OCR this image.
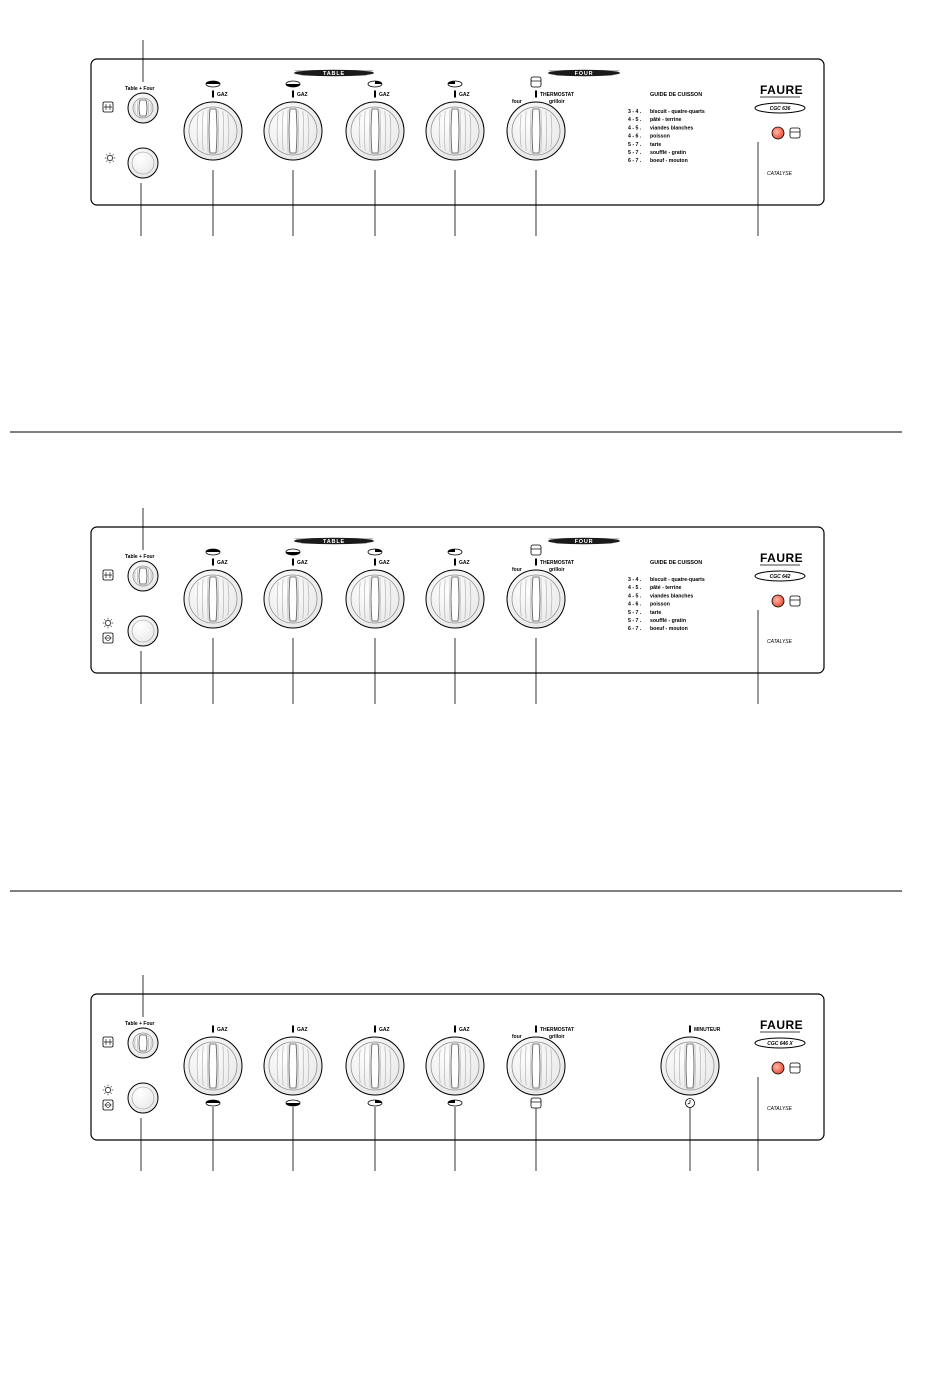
Table + Four
TABLE	FOUR
GAZ	GAZ	GAZ	GAZ	THERMOSTAT
four	grilloir
GUIDE DE CUISSON
3 - 4 . biscuit - quatre-quarts
4 - 5 . pâté - terrine
4 - 5 . viandes blanches
4 - 6 . poisson
5 - 7 . tarte
5 - 7 . soufflé - gratin
6 - 7 . boeuf - mouton
FAURE
CGC 636
CATALYSE
Table + Four
TABLE	FOUR
GAZ	GAZ	GAZ	GAZ	THERMOSTAT
four	grilloir
GUIDE DE CUISSON
3 - 4 . biscuit - quatre-quarts
4 - 5 . pâté - terrine
4 - 5 . viandes blanches
4 - 6 . poisson
5 - 7 . tarte
5 - 7 . soufflé - gratin
6 - 7 . boeuf - mouton
FAURE
CGC 642
CATALYSE
Table + Four
GAZ	GAZ	GAZ	GAZ	THERMOSTAT
four	grilloir
MINUTEUR	FAURE
CGC 646 X
CATALYSE
